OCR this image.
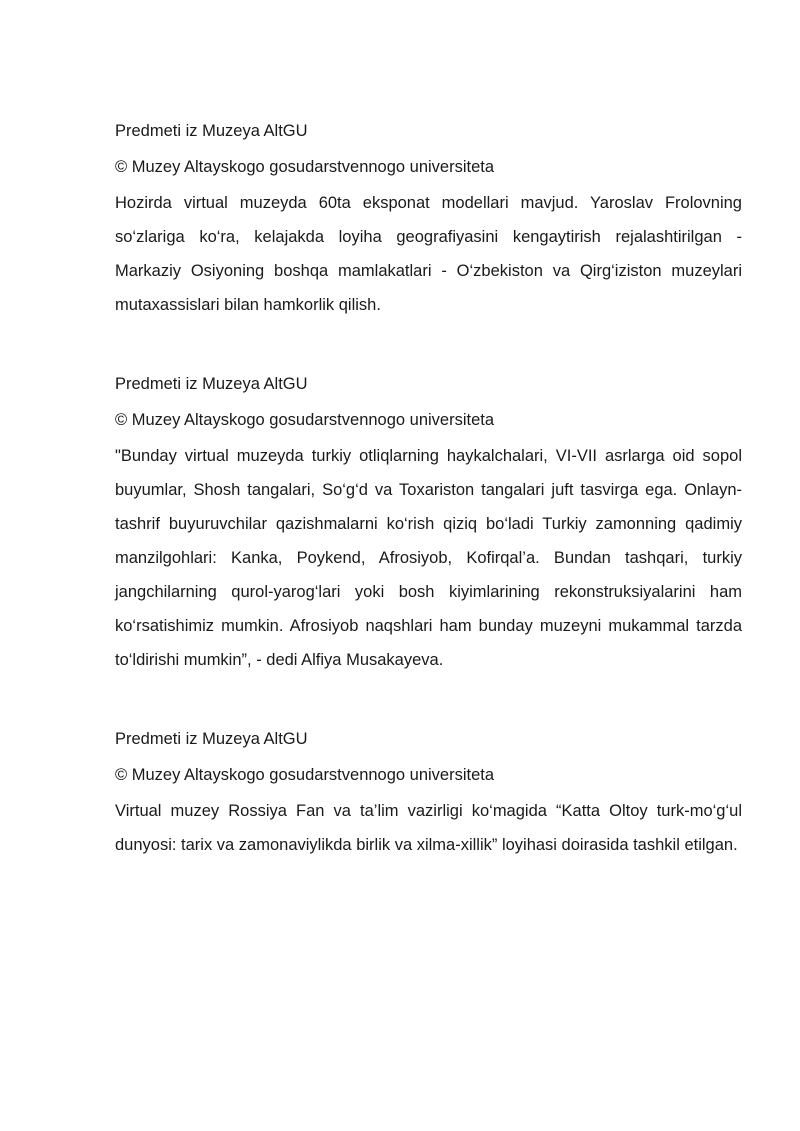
Predmeti iz Muzeya AltGU

© Muzey Altayskogo gosudarstvennogo universiteta

Hozirda virtual muzeyda 60ta eksponat modellari mavjud. Yaroslav Frolovning so‘zlariga ko‘ra, kelajakda loyiha geografiyasini kengaytirish rejalashtirilgan - Markaziy Osiyoning boshqa mamlakatlari - O‘zbekiston va Qirg‘iziston muzeylari mutaxassislari bilan hamkorlik qilish.

Predmeti iz Muzeya AltGU

© Muzey Altayskogo gosudarstvennogo universiteta

"Bunday virtual muzeyda turkiy otliqlarning haykalchalari, VI-VII asrlarga oid sopol buyumlar, Shosh tangalari, So‘g‘d va Toxariston tangalari juft tasvirga ega. Onlayn-tashrif buyuruvchilar qazishmalarni ko‘rish qiziq bo‘ladi Turkiy zamonning qadimiy manzilgohlari: Kanka, Poykend, Afrosiyob, Kofirqal’a. Bundan tashqari, turkiy jangchilarning qurol-yarog‘lari yoki bosh kiyimlarining rekonstruksiyalarini ham ko‘rsatishimiz mumkin. Afrosiyob naqshlari ham bunday muzeyni mukammal tarzda to‘ldirishi mumkin”, - dedi Alfiya Musakayeva.

Predmeti iz Muzeya AltGU

© Muzey Altayskogo gosudarstvennogo universiteta

Virtual muzey Rossiya Fan va ta’lim vazirligi ko‘magida “Katta Oltoy turk-mo‘g‘ul dunyosi: tarix va zamonaviylikda birlik va xilma-xillik” loyihasi doirasida tashkil etilgan.
